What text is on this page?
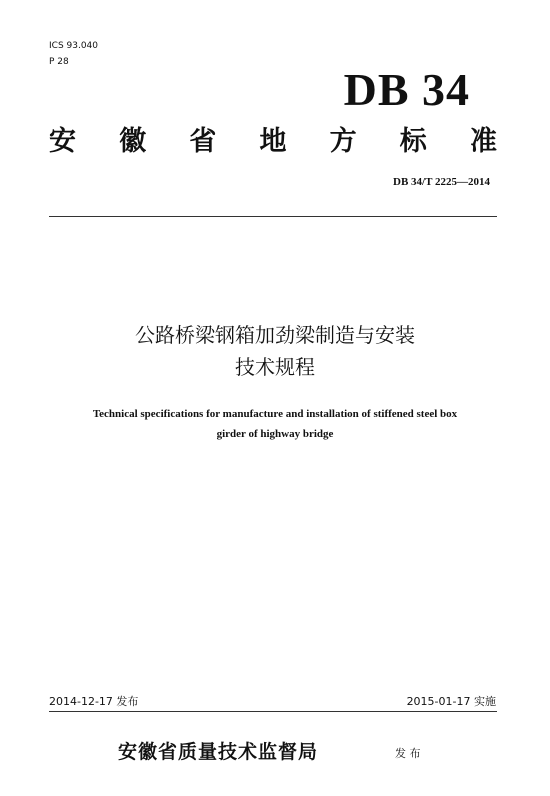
ICS 93.040
P 28
DB 34
安 徽 省 地 方 标 准
DB 34/T 2225—2014
公路桥梁钢箱加劲梁制造与安装
技术规程
Technical specifications for manufacture and installation of stiffened steel box
girder of highway bridge
2014-12-17 发布	2015-01-17 实施
安徽省质量技术监督局	发 布
